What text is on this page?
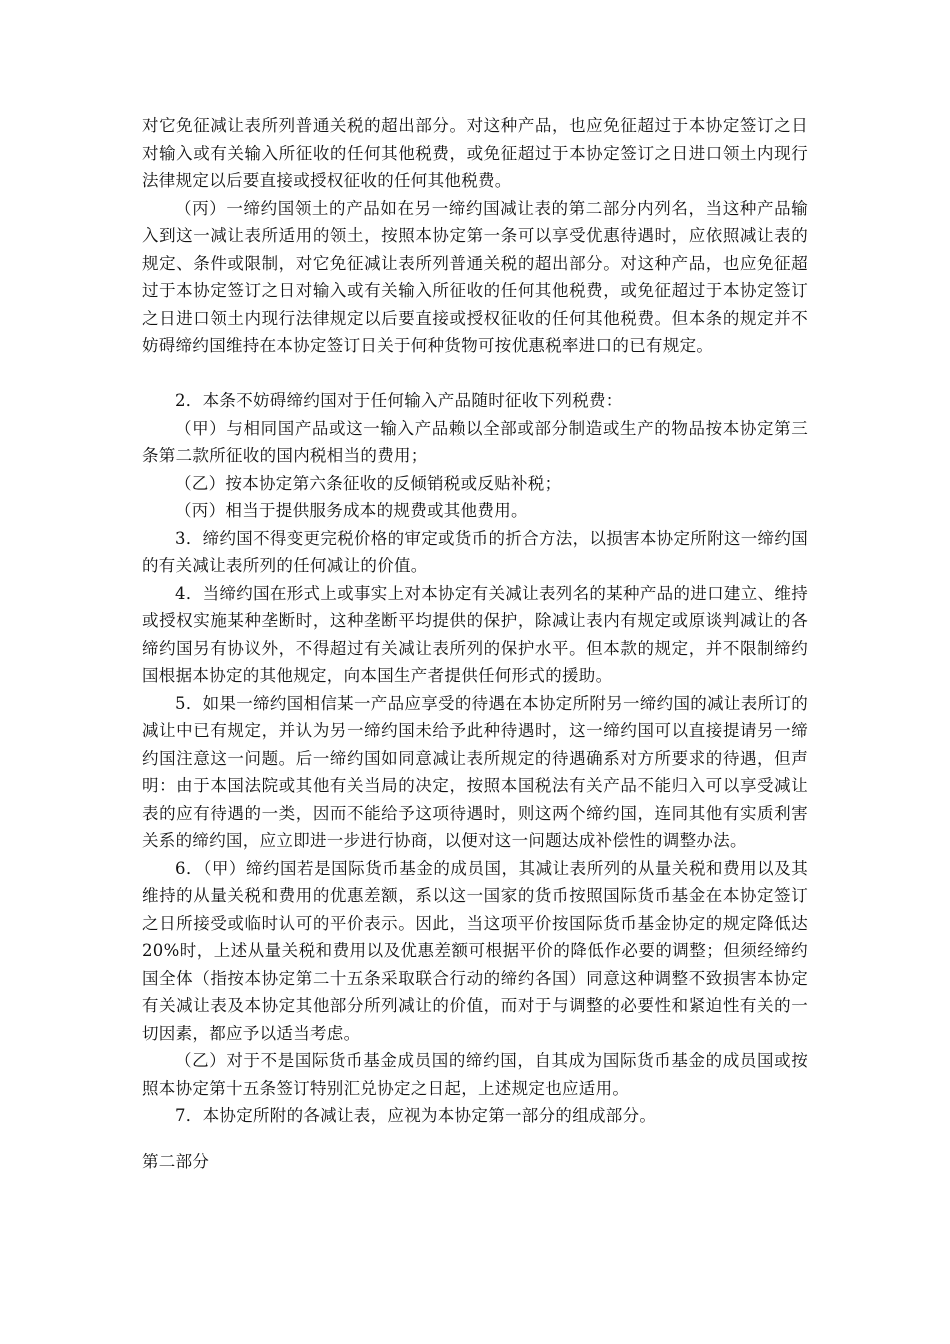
对它免征减让表所列普通关税的超出部分。对这种产品，也应免征超过于本协定签订之日对输入或有关输入所征收的任何其他税费，或免征超过于本协定签订之日进口领土内现行法律规定以后要直接或授权征收的任何其他税费。

（丙）一缔约国领土的产品如在另一缔约国减让表的第二部分内列名，当这种产品输入到这一减让表所适用的领土，按照本协定第一条可以享受优惠待遇时，应依照减让表的规定、条件或限制，对它免征减让表所列普通关税的超出部分。对这种产品，也应免征超过于本协定签订之日对输入或有关输入所征收的任何其他税费，或免征超过于本协定签订之日进口领土内现行法律规定以后要直接或授权征收的任何其他税费。但本条的规定并不妨碍缔约国维持在本协定签订日关于何种货物可按优惠税率进口的已有规定。

2．本条不妨碍缔约国对于任何输入产品随时征收下列税费：

（甲）与相同国产品或这一输入产品赖以全部或部分制造或生产的物品按本协定第三条第二款所征收的国内税相当的费用；

（乙）按本协定第六条征收的反倾销税或反贴补税；

（丙）相当于提供服务成本的规费或其他费用。

3．缔约国不得变更完税价格的审定或货币的折合方法，以损害本协定所附这一缔约国的有关减让表所列的任何减让的价值。

4．当缔约国在形式上或事实上对本协定有关减让表列名的某种产品的进口建立、维持或授权实施某种垄断时，这种垄断平均提供的保护，除减让表内有规定或原谈判减让的各缔约国另有协议外，不得超过有关减让表所列的保护水平。但本款的规定，并不限制缔约国根据本协定的其他规定，向本国生产者提供任何形式的援助。

5．如果一缔约国相信某一产品应享受的待遇在本协定所附另一缔约国的减让表所订的减让中已有规定，并认为另一缔约国未给予此种待遇时，这一缔约国可以直接提请另一缔约国注意这一问题。后一缔约国如同意减让表所规定的待遇确系对方所要求的待遇，但声明：由于本国法院或其他有关当局的决定，按照本国税法有关产品不能归入可以享受减让表的应有待遇的一类，因而不能给予这项待遇时，则这两个缔约国，连同其他有实质利害关系的缔约国，应立即进一步进行协商，以便对这一问题达成补偿性的调整办法。

6．（甲）缔约国若是国际货币基金的成员国，其减让表所列的从量关税和费用以及其维持的从量关税和费用的优惠差额，系以这一国家的货币按照国际货币基金在本协定签订之日所接受或临时认可的平价表示。因此，当这项平价按国际货币基金协定的规定降低达 20%时，上述从量关税和费用以及优惠差额可根据平价的降低作必要的调整；但须经缔约国全体（指按本协定第二十五条采取联合行动的缔约各国）同意这种调整不致损害本协定有关减让表及本协定其他部分所列减让的价值，而对于与调整的必要性和紧迫性有关的一切因素，都应予以适当考虑。

（乙）对于不是国际货币基金成员国的缔约国，自其成为国际货币基金的成员国或按照本协定第十五条签订特别汇兑协定之日起，上述规定也应适用。

7．本协定所附的各减让表，应视为本协定第一部分的组成部分。

第二部分
